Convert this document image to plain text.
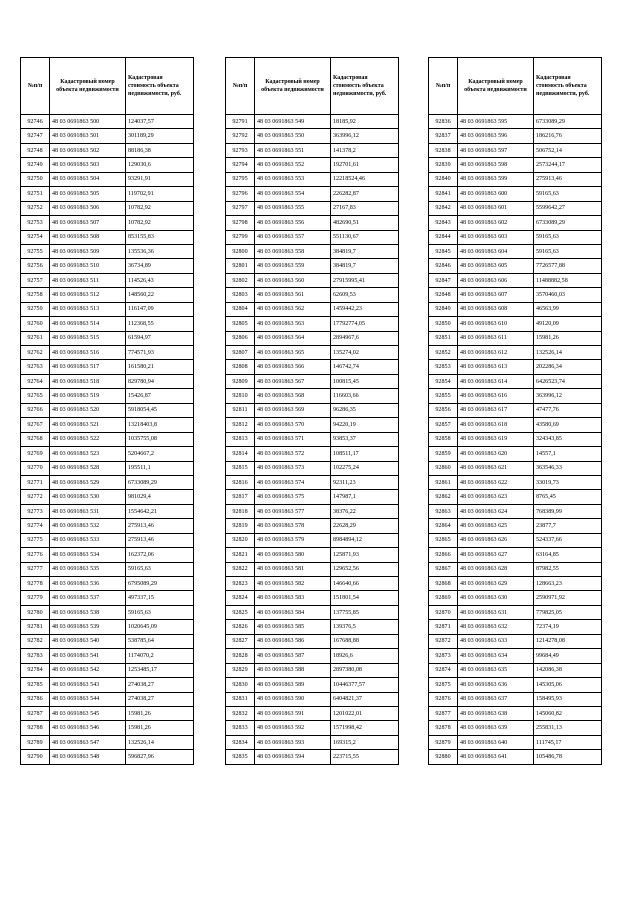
№п/п	Кадастровый номер объекта недвижимости	Кадастровая стоимость объекта недвижимости, руб.
92746	48 03 0691863 500	124037,57
92747	48 03 0691863 501	301189,29
92748	48 03 0691863 502	88186,38
92749	48 03 0691863 503	129030,6
92750	48 03 0691863 504	93291,91
92751	48 03 0691863 505	119702,91
92752	48 03 0691863 506	10782,92
92753	48 03 0691863 507	10782,92
92754	48 03 0691863 508	853155,83
92755	48 03 0691863 509	135536,36
92756	48 03 0691863 510	36734,89
92757	48 03 0691863 511	114526,43
92758	48 03 0691863 512	148560,22
92759	48 03 0691863 513	116147,09
92760	48 03 0691863 514	112368,55
92761	48 03 0691863 515	61594,97
92762	48 03 0691863 516	774571,93
92763	48 03 0691863 517	161580,21
92764	48 03 0691863 518	829780,94
92765	48 03 0691863 519	15426,87
92766	48 03 0691863 520	5918054,45
92767	48 03 0691863 521	13218403,8
92768	48 03 0691863 522	1035755,08
92769	48 03 0691863 523	5204667,2
92770	48 03 0691863 528	195511,1
92771	48 03 0691863 529	6733089,29
92772	48 03 0691863 530	981029,4
92773	48 03 0691863 531	1554642,21
92774	48 03 0691863 532	275913,46
92775	48 03 0691863 533	275913,46
92776	48 03 0691863 534	162372,06
92777	48 03 0691863 535	59165,63
92778	48 03 0691863 536	6795089,29
92779	48 03 0691863 537	497337,15
92780	48 03 0691863 538	59165,63
92781	48 03 0691863 539	1020645,09
92782	48 03 0691863 540	538785,64
92783	48 03 0691863 541	1174070,2
92784	48 03 0691863 542	1253485,17
92785	48 03 0691863 543	274038,27
92786	48 03 0691863 544	274038,27
92787	48 03 0691863 545	15981,26
92788	48 03 0691863 546	15981,26
92789	48 03 0691863 547	132526,14
92790	48 03 0691863 548	596827,96
№п/п	Кадастровый номер объекта недвижимости	Кадастровая стоимость объекта недвижимости, руб.
92791	48 03 0691863 549	18185,92
92792	48 03 0691863 550	363996,12
92793	48 03 0691863 551	141378,2
92794	48 03 0691863 552	192701,61
92795	48 03 0691863 553	12218524,46
92796	48 03 0691863 554	226282,87
92797	48 03 0691863 555	27167,83
92798	48 03 0691863 556	482690,51
92799	48 03 0691863 557	551130,67
92800	48 03 0691863 558	384819,7
92801	48 03 0691863 559	384819,7
92802	48 03 0691863 560	27915995,41
92803	48 03 0691863 561	62609,53
92804	48 03 0691863 562	1459442,23
92805	48 03 0691863 563	17792774,05
92806	48 03 0691863 564	2894967,6
92807	48 03 0691863 565	135274,02
92808	48 03 0691863 566	146742,74
92809	48 03 0691863 567	100815,45
92810	48 03 0691863 568	116603,66
92811	48 03 0691863 569	96286,35
92812	48 03 0691863 570	94220,19
92813	48 03 0691863 571	93853,37
92814	48 03 0691863 572	108511,17
92815	48 03 0691863 573	102275,24
92816	48 03 0691863 574	92311,23
92817	48 03 0691863 575	147987,1
92818	48 03 0691863 577	38376,22
92819	48 03 0691863 578	22628,29
92820	48 03 0691863 579	8984894,12
92821	48 03 0691863 580	125871,93
92822	48 03 0691863 581	129652,56
92823	48 03 0691863 582	146640,66
92824	48 03 0691863 583	151801,54
92825	48 03 0691863 584	137755,85
92826	48 03 0691863 585	139376,5
92827	48 03 0691863 586	167688,88
92828	48 03 0691863 587	18926,6
92829	48 03 0691863 588	2897380,08
92830	48 03 0691863 589	10446377,57
92831	48 03 0691863 590	6404821,37
92832	48 03 0691863 591	1201022,01
92833	48 03 0691863 592	1571998,42
92834	48 03 0691863 593	169315,2
92835	48 03 0691863 594	223715,55
№п/п	Кадастровый номер объекта недвижимости	Кадастровая стоимость объекта недвижимости, руб.
92836	48 03 0691863 595	6733089,29
92837	48 03 0691863 596	186216,76
92838	48 03 0691863 597	506752,14
92839	48 03 0691863 598	2573244,17
92840	48 03 0691863 599	275913,46
92841	48 03 0691863 600	59165,63
92842	48 03 0691863 601	5599642,27
92843	48 03 0691863 602	6733089,29
92844	48 03 0691863 603	59165,63
92845	48 03 0691863 604	59165,63
92846	48 03 0691863 605	7726577,88
92847	48 03 0691863 606	11488882,58
92848	48 03 0691863 607	3570460,03
92849	48 03 0691863 608	46563,99
92850	48 03 0691863 610	49120,09
92851	48 03 0691863 611	15981,26
92852	48 03 0691863 612	132526,14
92853	48 03 0691863 613	202286,34
92854	48 03 0691863 614	6426523,74
92855	48 03 0691863 616	363996,12
92856	48 03 0691863 617	47477,76
92857	48 03 0691863 618	43580,69
92858	48 03 0691863 619	324343,85
92859	48 03 0691863 620	14557,1
92860	48 03 0691863 621	363546,33
92861	48 03 0691863 622	33019,73
92862	48 03 0691863 623	8765,45
92863	48 03 0691863 624	768389,99
92864	48 03 0691863 625	23877,7
92865	48 03 0691863 626	524337,66
92866	48 03 0691863 627	63164,85
92867	48 03 0691863 628	87982,55
92868	48 03 0691863 629	128663,23
92869	48 03 0691863 630	2590971,92
92870	48 03 0691863 631	779825,05
92871	48 03 0691863 632	72374,19
92872	48 03 0691863 633	1214278,08
92873	48 03 0691863 634	99684,49
92874	48 03 0691863 635	142086,38
92875	48 03 0691863 636	145305,06
92876	48 03 0691863 637	158495,93
92877	48 03 0691863 638	145060,82
92878	48 03 0691863 639	255831,13
92879	48 03 0691863 640	111745,17
92880	48 03 0691863 641	105486,78
